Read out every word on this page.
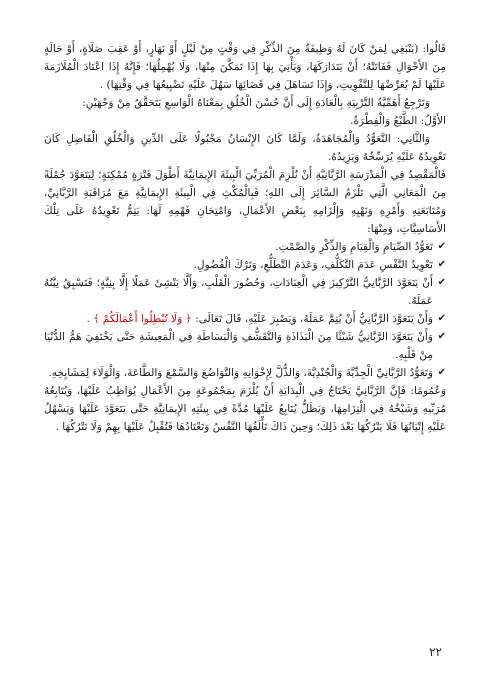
قَالُوا: (يَنْبَغِي لِمَنْ كَانَ لَهُ وَظِيفَةٌ مِنَ الذِّكْرِ فِي وَقْتٍ مِنْ لَيْلٍ أَوْ نَهَارٍ، أَوْ عَقِبَ صَلَاةٍ، أَوْ حَالَةٍ مِنَ الأَحْوَالِ فَفَاتَتْهُ؛ أَنْ يَتَدَارَكَهَا، وَيَأْتِيَ بِهَا إِذَا تَمَكَّنَ مِنْهَا، وَلَا يُهْمِلُهَا؛ فَإِنَّهُ إِذَا اعْتَادَ الْمُلَازَمَةَ عَلَيْهَا لَمْ يُعَرِّضْهَا لِلتَّفْوِيتِ، وَإِذَا تَسَاهَلَ فِي قَضَائِهَا سَهُلَ عَلَيْهِ تَضْيِيعُهَا فِي وَقْتِهَا) .

وَتَرْجِعُ أَهَمِّيَّةُ التَّرْبِيَةِ بِالْعَادَةِ إِلَى أَنَّ حُسْنَ الْخُلُقِ بِمَعْنَاهُ الْوَاسِعِ يَتَحَقَّقُ مِنْ وَجْهَيْنِ:

الأَوَّلُ: الطَّبْعُ وَالْفِطْرَةُ.

وَالثَّانِي: التَّعَوُّدُ وَالْمُجَاهَدَةُ، وَلَمَّا كَانَ الإِنْسَانُ مَجْبُولًا عَلَى الدِّينِ وَالْخُلُقِ الْفَاضِلِ كَانَ تَعْوِيدُهُ عَلَيْهِ يُرَسِّخُهُ وَيَزِيدُهُ.

فَالْمَقْصِدُ فِي الْمَدْرَسَةِ الرَّبَّانِيَّةِ أَنْ نُلْزِمَ الْمُرَبِّيَ الْبِيئَةَ الإِيمَانِيَّةَ أَطْوَلَ فَتْرَةٍ مُمْكِنَةٍ؛ لِيَتَعَوَّدَ جُمْلَةً مِنَ الْمَعَانِي الَّتِي تَلْزَمُ السَّائِرَ إِلَى اللهِ؛ فَبِالْمُكْثِ فِي الْبِيئَةِ الإِيمَانِيَّةِ مَعَ مُرَاقَبَةِ الرَّبَّانِيِّ، وَمُتَابَعَتِهِ وَأَمْرِهِ وَنَهْيِهِ وَإِلْزَامِهِ بِبَعْضِ الأَعْمَالِ، وَامْتِحَانِ فَهْمِهِ لَهَا: يَتِمُّ تَعْوِيدُهُ عَلَى تِلْكَ الأَسَاسِيَّاتِ، وَمِنْهَا:

✔
تَعَوُّدُ الصِّيَامِ وَالْقِيَامِ وَالذِّكْرِ وَالصَّمْتِ.
✔
تَعْوِيدُ النَّفْسِ عَدَمَ التَّكَلُّفِ، وَعَدَمَ التَّطَلُّعِ، وَتَرْكَ الْفُضُولِ.
✔
أَنْ يَتَعَوَّدَ الرَّبَّانِيُّ التَّرْكِيزَ فِي الْعِبَادَاتِ، وَحُضُورَ الْقَلْبِ، وَأَلَّا يَنْشِئَ عَمَلًا إِلَّا بِنِيَّةٍ؛ فَتَسْبِقُ نِيَّتُهُ عَمَلَهُ.
✔
وَأَنْ يَتَعَوَّدَ الرَّبَّانِيُّ أَنْ يُتِمَّ عَمَلَهُ، وَيَصْبِرَ عَلَيْهِ، قَالَ تَعَالَى: ﴿ وَلَا تُبْطِلُوا أَعْمَالَكُمْ ﴾ .
✔
وَأَنْ يَتَعَوَّدَ الرَّبَّانِيُّ شَيْئًا مِنَ الْبَذَاذَةِ وَالتَّقَشُّفِ وَالْبَسَاطَةِ فِي الْمَعِيشَةِ حَتَّى يَخْتَفِيَ هَمُّ الدُّنْيَا مِنْ قَلْبِهِ.
✔
وَتَعَوُّدُ الرَّبَّانِيِّ الْجِدِّيَّةَ وَالْجُنْدِيَّةَ، وَالذُّلَّ لِإِخْوَانِهِ وَالتَّوَاضُعَ وَالسَّمْعَ وَالطَّاعَةَ، وَالْوَلَاءَ لِمَشَايِخِهِ.

وَعُمُومًا: فَإِنَّ الرَّبَّانِيَّ يَحْتَاجُ فِي الْبِدَايَةِ أَنْ يُلْزَمَ بِمَجْمُوعَةٍ مِنَ الأَعْمَالِ يُوَاظِبُ عَلَيْهَا، وَيُتَابِعُهُ مُرَبِّيهِ وَشَيْخُهُ فِي الْتِزَامِهَا، وَيَظَلُّ يُتَابِعُ عَلَيْهَا مُدَّةً فِي بِيئَتِهِ الإِيمَانِيَّةِ حَتَّى يَتَعَوَّدَ عَلَيْهَا وَيَسْهُلُ عَلَيْهِ إِتْيَانُهَا فَلَا يَتْرُكُهَا بَعْدَ ذَلِكَ؛ وَحِينَ ذَاكَ تَأْلَفُهَا النَّفْسُ وَتَعْتَادُهَا فَتُقْبِلُ عَلَيْهَا بِهِمْ وَلَا تَتْرُكُهَا .

٢٢
